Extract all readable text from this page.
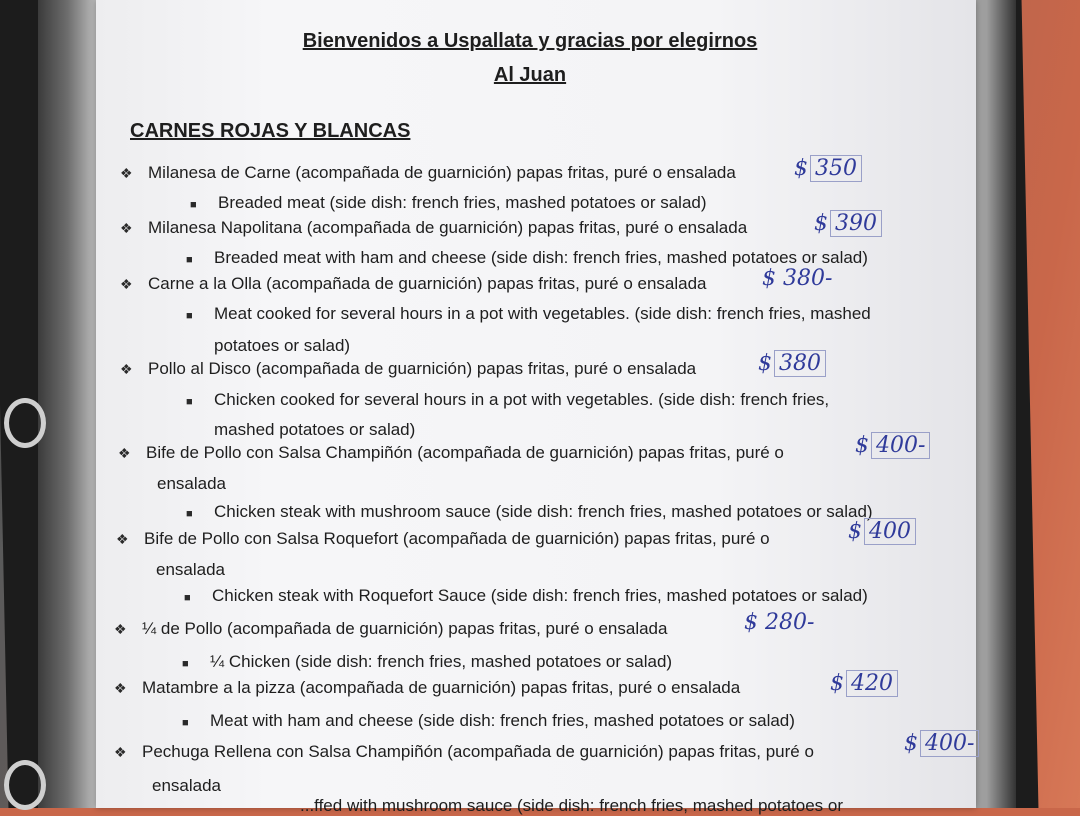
Bienvenidos a Uspallata y gracias por elegirnos
Al Juan
CARNES ROJAS Y BLANCAS
❖ Milanesa de Carne (acompañada de guarnición) papas fritas, puré o ensalada	$ 350
■ Breaded meat (side dish: french fries, mashed potatoes or salad)
❖ Milanesa Napolitana (acompañada de guarnición) papas fritas, puré o ensalada	$ 390
■ Breaded meat with ham and cheese (side dish: french fries, mashed potatoes or salad)
❖ Carne a la Olla (acompañada de guarnición) papas fritas, puré o ensalada	$ 380-
■ Meat cooked for several hours in a pot with vegetables. (side dish: french fries, mashed
potatoes or salad)
❖ Pollo al Disco (acompañada de guarnición) papas fritas, puré o ensalada	$ 380
■ Chicken cooked for several hours in a pot with vegetables. (side dish: french fries,
mashed potatoes or salad)
❖ Bife de Pollo con Salsa Champiñón (acompañada de guarnición) papas fritas, puré o	$ 400-
ensalada
■ Chicken steak with mushroom sauce (side dish: french fries, mashed potatoes or salad)
❖ Bife de Pollo con Salsa Roquefort (acompañada de guarnición) papas fritas, puré o	$ 400
ensalada
■ Chicken steak with Roquefort Sauce (side dish: french fries, mashed potatoes or salad)
❖ ¼ de Pollo (acompañada de guarnición) papas fritas, puré o ensalada	$ 280-
■ ¼ Chicken (side dish: french fries, mashed potatoes or salad)
❖ Matambre a la pizza (acompañada de guarnición) papas fritas, puré o ensalada	$ 420
■ Meat with ham and cheese (side dish: french fries, mashed potatoes or salad)
❖ Pechuga Rellena con Salsa Champiñón (acompañada de guarnición) papas fritas, puré o	$ 400-
ensalada
...ffed with mushroom sauce (side dish: french fries, mashed potatoes or
